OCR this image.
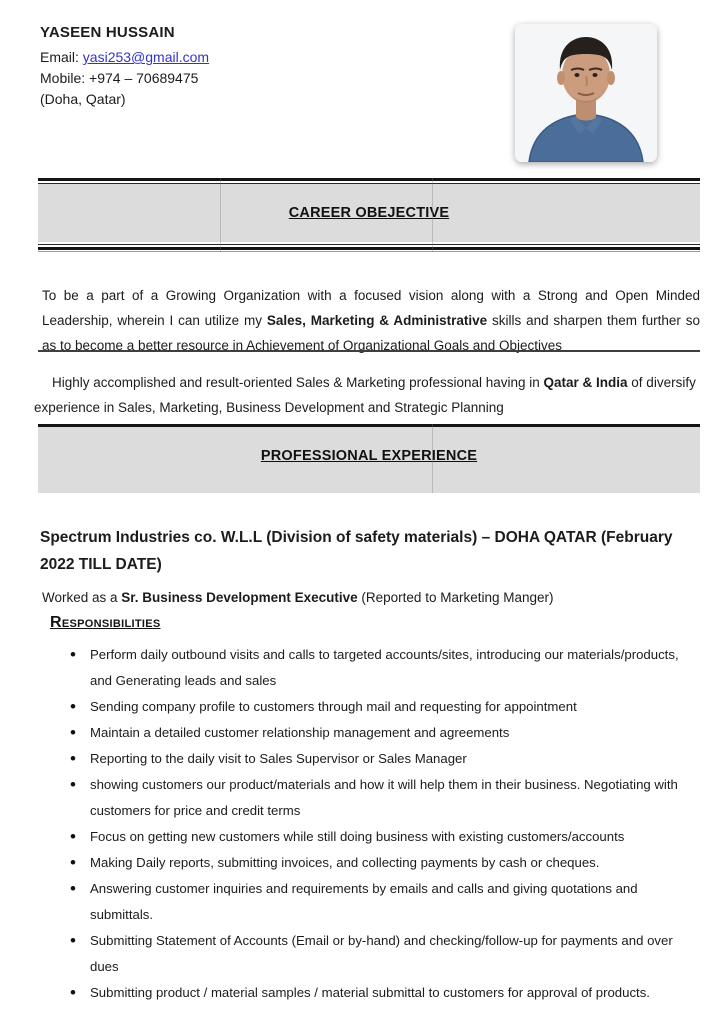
YASEEN HUSSAIN
Email: yasi253@gmail.com
Mobile: +974 – 70689475
(Doha, Qatar)
CAREER OBEJECTIVE
To be a part of a Growing Organization with a focused vision along with a Strong and Open Minded Leadership, wherein I can utilize my Sales, Marketing & Administrative skills and sharpen them further so as to become a better resource in Achievement of Organizational Goals and Objectives
Highly accomplished and result-oriented Sales & Marketing professional having in Qatar & India of diversify experience in Sales, Marketing, Business Development and Strategic Planning
PROFESSIONAL EXPERIENCE
Spectrum Industries co. W.L.L (Division of safety materials) – DOHA QATAR (February 2022 TILL DATE)
Worked as a Sr. Business Development Executive (Reported to Marketing Manger)
Responsibilities
• Perform daily outbound visits and calls to targeted accounts/sites, introducing our materials/products, and Generating leads and sales
• Sending company profile to customers through mail and requesting for appointment
• Maintain a detailed customer relationship management and agreements
• Reporting to the daily visit to Sales Supervisor or Sales Manager
• showing customers our product/materials and how it will help them in their business. Negotiating with customers for price and credit terms
• Focus on getting new customers while still doing business with existing customers/accounts
• Making Daily reports, submitting invoices, and collecting payments by cash or cheques.
• Answering customer inquiries and requirements by emails and calls and giving quotations and submittals.
• Submitting Statement of Accounts (Email or by-hand) and checking/follow-up for payments and over dues
• Submitting product / material samples / material submittal to customers for approval of products.
